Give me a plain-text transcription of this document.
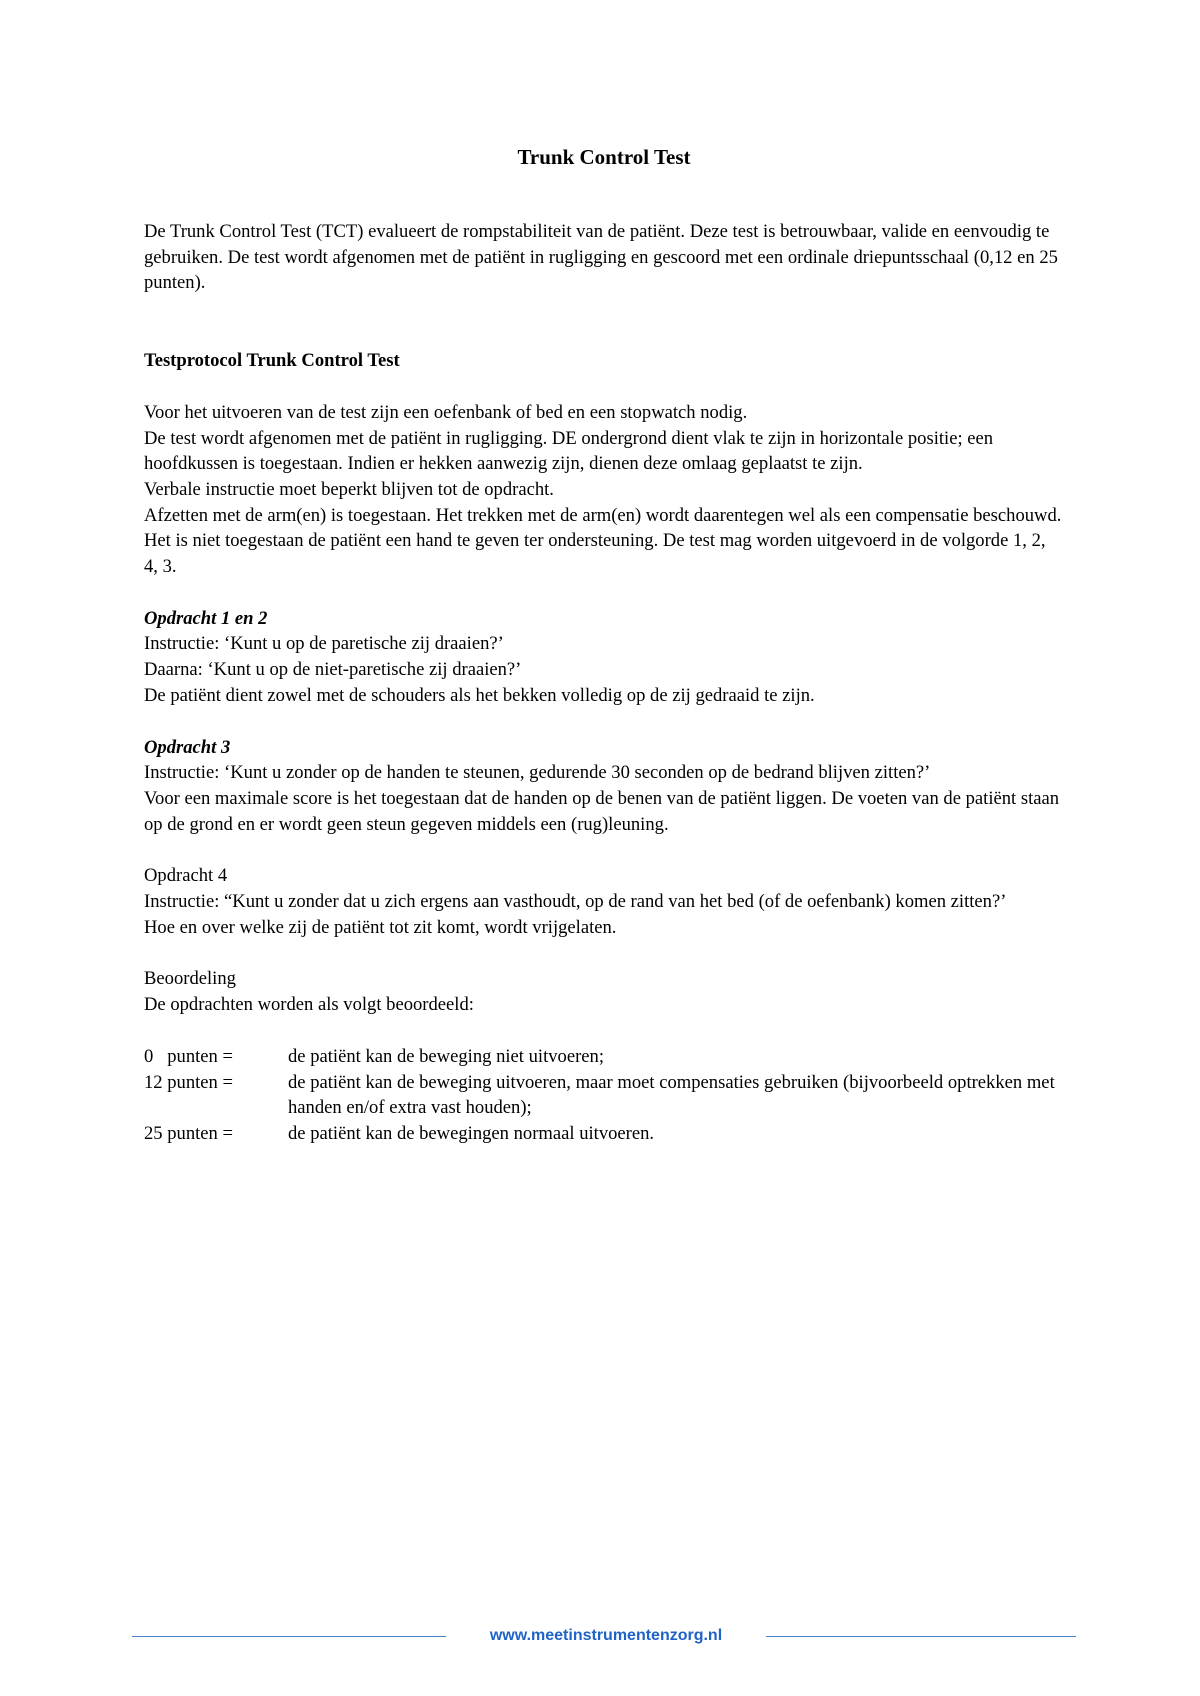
Trunk Control Test

De Trunk Control Test (TCT) evalueert de rompstabiliteit van de patiënt. Deze test is betrouwbaar, valide en eenvoudig te gebruiken. De test wordt afgenomen met de patiënt in rugligging en gescoord met een ordinale driepuntsschaal (0,12 en 25 punten).

Testprotocol Trunk Control Test

Voor het uitvoeren van de test zijn een oefenbank of bed en een stopwatch nodig.

De test wordt afgenomen met de patiënt in rugligging. DE ondergrond dient vlak te zijn in horizontale positie; een hoofdkussen is toegestaan. Indien er hekken aanwezig zijn, dienen deze omlaag geplaatst te zijn.

Verbale instructie moet beperkt blijven tot de opdracht.

Afzetten met de arm(en) is toegestaan. Het trekken met de arm(en) wordt daarentegen wel als een compensatie beschouwd. Het is niet toegestaan de patiënt een hand te geven ter ondersteuning. De test mag worden uitgevoerd in de volgorde 1, 2, 4, 3.

Opdracht 1 en 2

Instructie: ‘Kunt u op de paretische zij draaien?’

Daarna: ‘Kunt u op de niet-paretische zij draaien?’

De patiënt dient zowel met de schouders als het bekken volledig op de zij gedraaid te zijn.

Opdracht 3

Instructie: ‘Kunt u zonder op de handen te steunen, gedurende 30 seconden op de bedrand blijven zitten?’

Voor een maximale score is het toegestaan dat de handen op de benen van de patiënt liggen. De voeten van de patiënt staan op de grond en er wordt geen steun gegeven middels een (rug)leuning.

Opdracht 4

Instructie: “Kunt u zonder dat u zich ergens aan vasthoudt, op de rand van het bed (of de oefenbank) komen zitten?’

Hoe en over welke zij de patiënt tot zit komt, wordt vrijgelaten.

Beoordeling

De opdrachten worden als volgt beoordeeld:

0   punten =	de patiënt kan de beweging niet uitvoeren;
12 punten =	de patiënt kan de beweging uitvoeren, maar moet compensaties gebruiken (bijvoorbeeld optrekken met handen en/of extra vast houden);
25 punten =	de patiënt kan de bewegingen normaal uitvoeren.
www.meetinstrumentenzorg.nl
